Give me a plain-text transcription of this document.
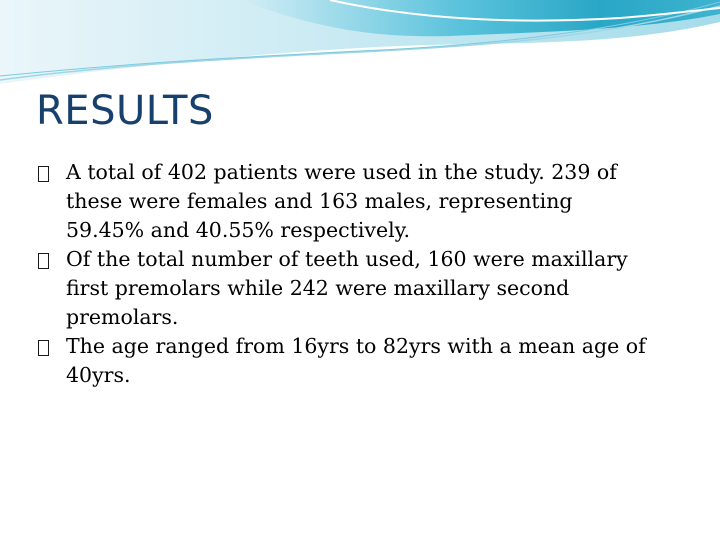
RESULTS
A total of 402 patients were used in the study. 239 of
these were females and 163 males, representing
59.45% and 40.55% respectively.
Of the total number of teeth used, 160 were maxillary
first premolars while 242 were maxillary second
premolars.
The age ranged from 16yrs to 82yrs with a mean age of
40yrs.
